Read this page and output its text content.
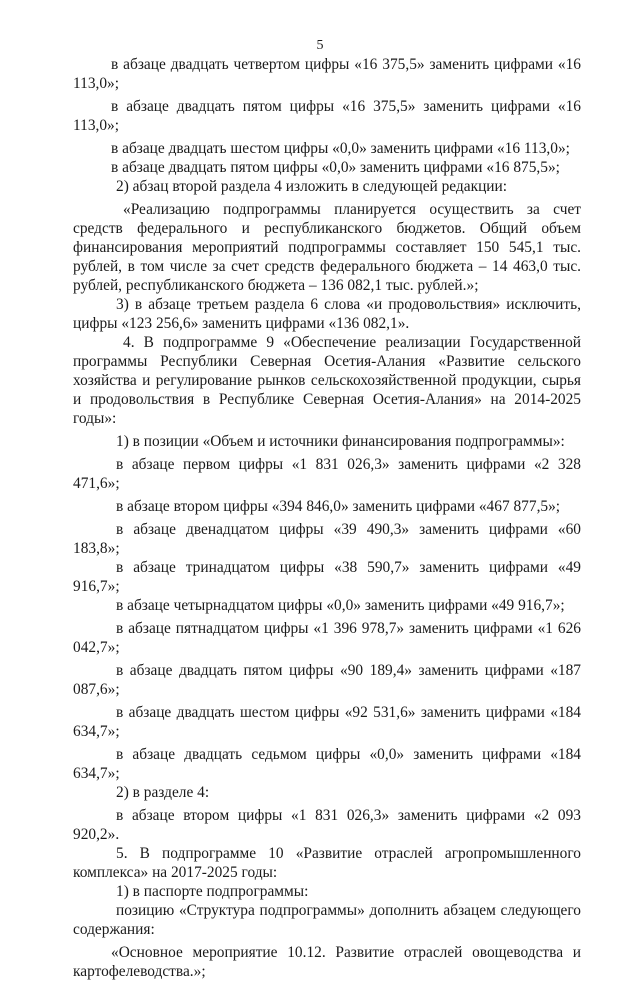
5

в абзаце двадцать четвертом цифры «16 375,5» заменить цифрами «16 113,0»;

в абзаце двадцать пятом цифры «16 375,5» заменить цифрами «16 113,0»;

в абзаце двадцать шестом цифры «0,0» заменить цифрами «16 113,0»;

в абзаце двадцать пятом цифры «0,0» заменить цифрами «16 875,5»;

2) абзац второй раздела 4 изложить в следующей редакции:

«Реализацию подпрограммы планируется осуществить за счет средств федерального и республиканского бюджетов. Общий объем финансирования мероприятий подпрограммы составляет 150 545,1 тыс. рублей, в том числе за счет средств федерального бюджета – 14 463,0 тыс. рублей, республиканского бюджета – 136 082,1 тыс. рублей.»;

3) в абзаце третьем раздела 6 слова «и продовольствия» исключить, цифры «123 256,6» заменить цифрами «136 082,1».

4. В подпрограмме 9 «Обеспечение реализации Государственной программы Республики Северная Осетия-Алания «Развитие сельского хозяйства и регулирование рынков сельскохозяйственной продукции, сырья и продовольствия в Республике Северная Осетия-Алания» на 2014-2025 годы»:

1) в позиции «Объем и источники финансирования подпрограммы»:

в абзаце первом цифры «1 831 026,3» заменить цифрами «2 328 471,6»;

в абзаце втором цифры «394 846,0» заменить цифрами «467 877,5»;

в абзаце двенадцатом цифры «39 490,3» заменить цифрами «60 183,8»;

в абзаце тринадцатом цифры «38 590,7» заменить цифрами «49 916,7»;

в абзаце четырнадцатом цифры «0,0» заменить цифрами «49 916,7»;

в абзаце пятнадцатом цифры «1 396 978,7» заменить цифрами «1 626 042,7»;

в абзаце двадцать пятом цифры «90 189,4» заменить цифрами «187 087,6»;

в абзаце двадцать шестом цифры «92 531,6» заменить цифрами «184 634,7»;

в абзаце двадцать седьмом цифры «0,0» заменить цифрами «184 634,7»;

2) в разделе 4:

в абзаце втором цифры «1 831 026,3» заменить цифрами «2 093 920,2».

5. В подпрограмме 10 «Развитие отраслей агропромышленного комплекса» на 2017-2025 годы:

1) в паспорте подпрограммы:

позицию «Структура подпрограммы» дополнить абзацем следующего содержания:

«Основное мероприятие 10.12. Развитие отраслей овощеводства и картофелеводства.»;
